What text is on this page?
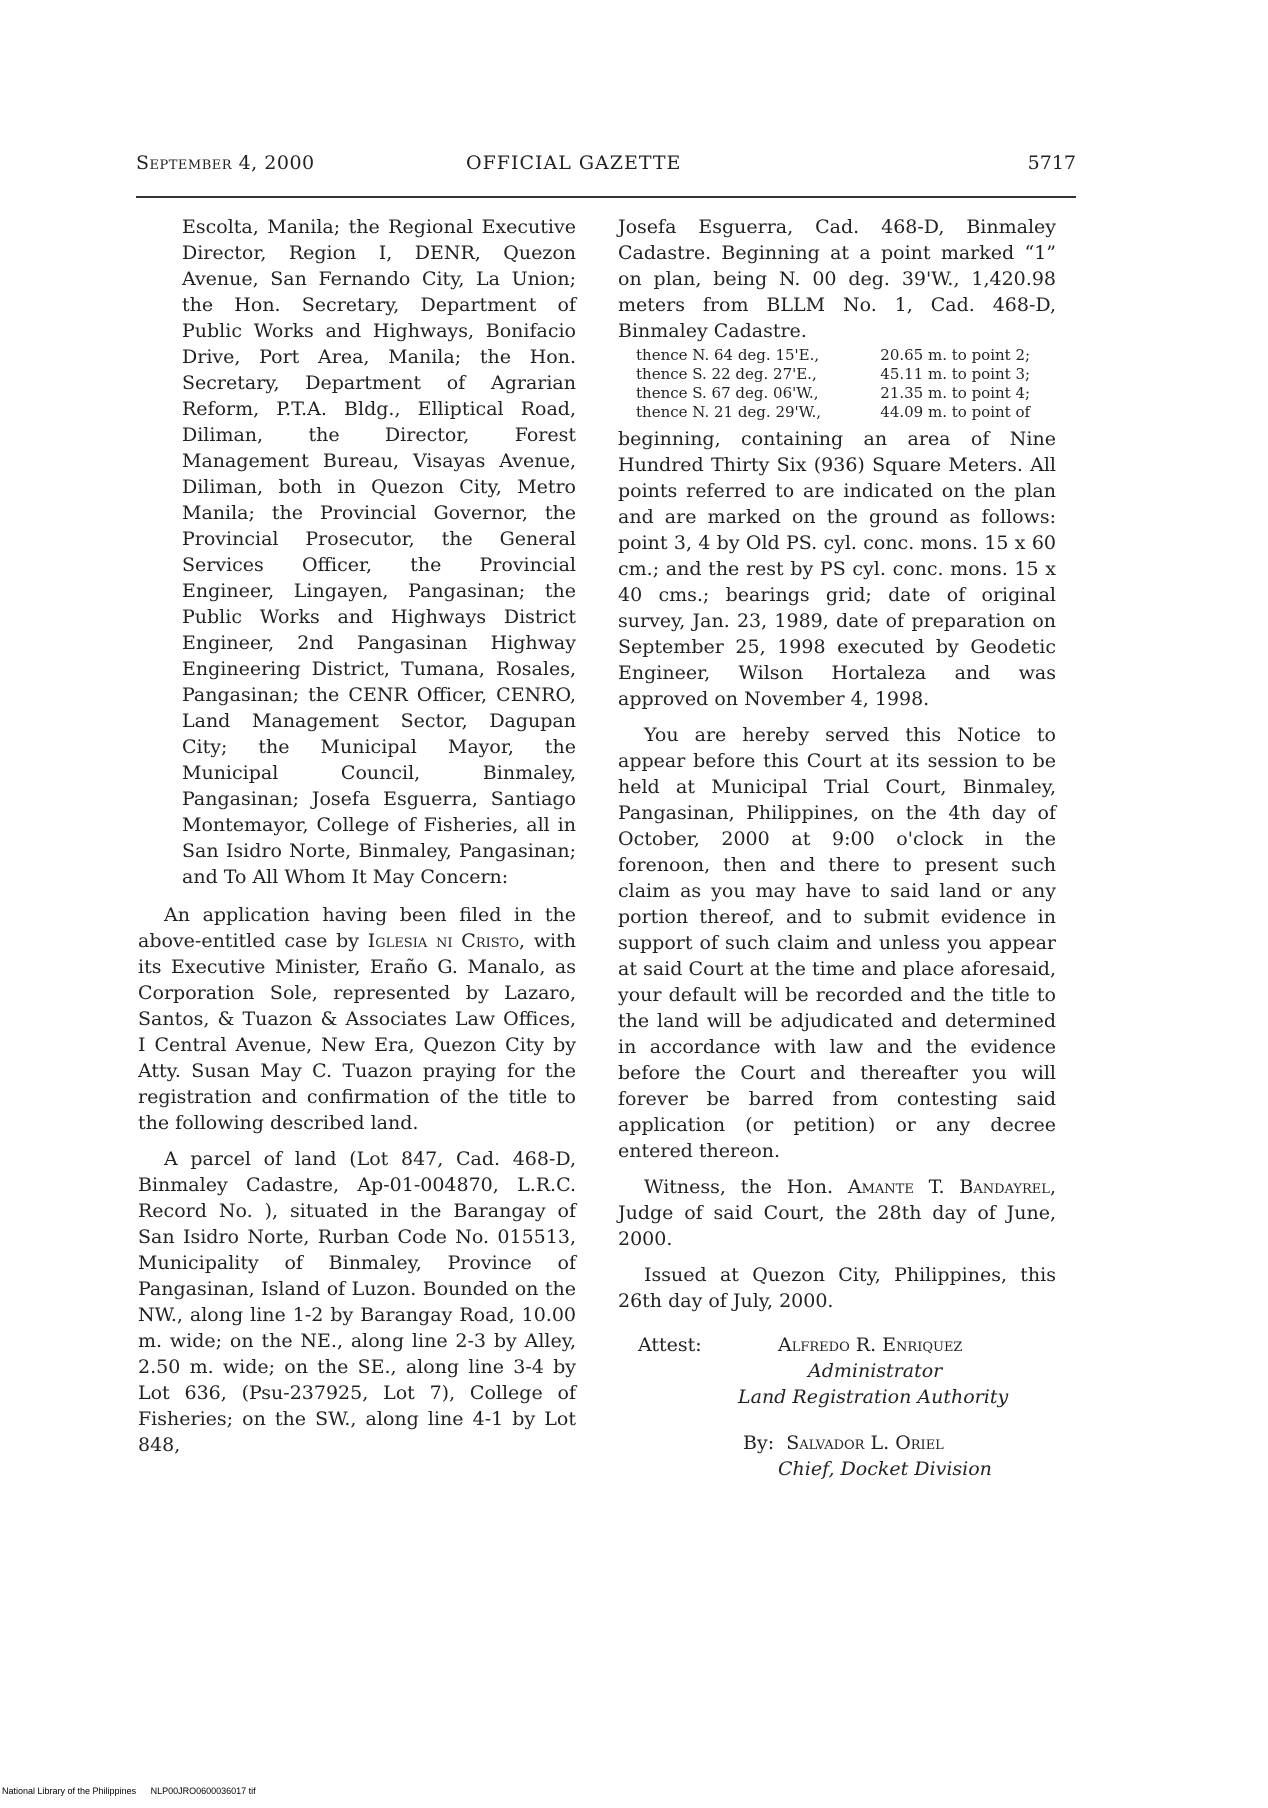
September 4, 2000	OFFICIAL GAZETTE	5717

Escolta, Manila; the Regional Executive Director, Region I, DENR, Quezon Avenue, San Fernando City, La Union; the Hon. Secretary, Department of Public Works and Highways, Bonifacio Drive, Port Area, Manila; the Hon. Secretary, Department of Agrarian Reform, P.T.A. Bldg., Elliptical Road, Diliman, the Director, Forest Management Bureau, Visayas Avenue, Diliman, both in Quezon City, Metro Manila; the Provincial Governor, the Provincial Prosecutor, the General Services Officer, the Provincial Engineer, Lingayen, Pangasinan; the Public Works and Highways District Engineer, 2nd Pangasinan Highway Engineering District, Tumana, Rosales, Pangasinan; the CENR Officer, CENRO, Land Management Sector, Dagupan City; the Municipal Mayor, the Municipal Council, Binmaley, Pangasinan; Josefa Esguerra, Santiago Montemayor, College of Fisheries, all in San Isidro Norte, Binmaley, Pangasinan; and To All Whom It May Concern:

An application having been filed in the above-entitled case by Iglesia ni Cristo, with its Executive Minister, Eraño G. Manalo, as Corporation Sole, represented by Lazaro, Santos, & Tuazon & Associates Law Offices, I Central Avenue, New Era, Quezon City by Atty. Susan May C. Tuazon praying for the registration and confirmation of the title to the following described land.

A parcel of land (Lot 847, Cad. 468-D, Binmaley Cadastre, Ap-01-004870, L.R.C. Record No. ), situated in the Barangay of San Isidro Norte, Rurban Code No. 015513, Municipality of Binmaley, Province of Pangasinan, Island of Luzon. Bounded on the NW., along line 1-2 by Barangay Road, 10.00 m. wide; on the NE., along line 2-3 by Alley, 2.50 m. wide; on the SE., along line 3-4 by Lot 636, (Psu-237925, Lot 7), College of Fisheries; on the SW., along line 4-1 by Lot 848,

Josefa Esguerra, Cad. 468-D, Binmaley Cadastre. Beginning at a point marked “1” on plan, being N. 00 deg. 39'W., 1,420.98 meters from BLLM No. 1, Cad. 468-D, Binmaley Cadastre.

thence N. 64 deg. 15'E.,	20.65 m. to point 2;
thence S. 22 deg. 27'E.,	45.11 m. to point 3;
thence S. 67 deg. 06'W.,	21.35 m. to point 4;
thence N. 21 deg. 29'W.,	44.09 m. to point of

beginning, containing an area of Nine Hundred Thirty Six (936) Square Meters. All points referred to are indicated on the plan and are marked on the ground as follows: point 3, 4 by Old PS. cyl. conc. mons. 15 x 60 cm.; and the rest by PS cyl. conc. mons. 15 x 40 cms.; bearings grid; date of original survey, Jan. 23, 1989, date of preparation on September 25, 1998 executed by Geodetic Engineer, Wilson Hortaleza and was approved on November 4, 1998.

You are hereby served this Notice to appear before this Court at its session to be held at Municipal Trial Court, Binmaley, Pangasinan, Philippines, on the 4th day of October, 2000 at 9:00 o'clock in the forenoon, then and there to present such claim as you may have to said land or any portion thereof, and to submit evidence in support of such claim and unless you appear at said Court at the time and place aforesaid, your default will be recorded and the title to the land will be adjudicated and determined in accordance with law and the evidence before the Court and thereafter you will forever be barred from contesting said application (or petition) or any decree entered thereon.

Witness, the Hon. Amante T. Bandayrel, Judge of said Court, the 28th day of June, 2000.

Issued at Quezon City, Philippines, this 26th day of July, 2000.

Attest:	Alfredo R. Enriquez
Administrator
Land Registration Authority
By: Salvador L. Oriel
Chief, Docket Division
National Library of the Philippines NLP00JRO0600036017 tif
